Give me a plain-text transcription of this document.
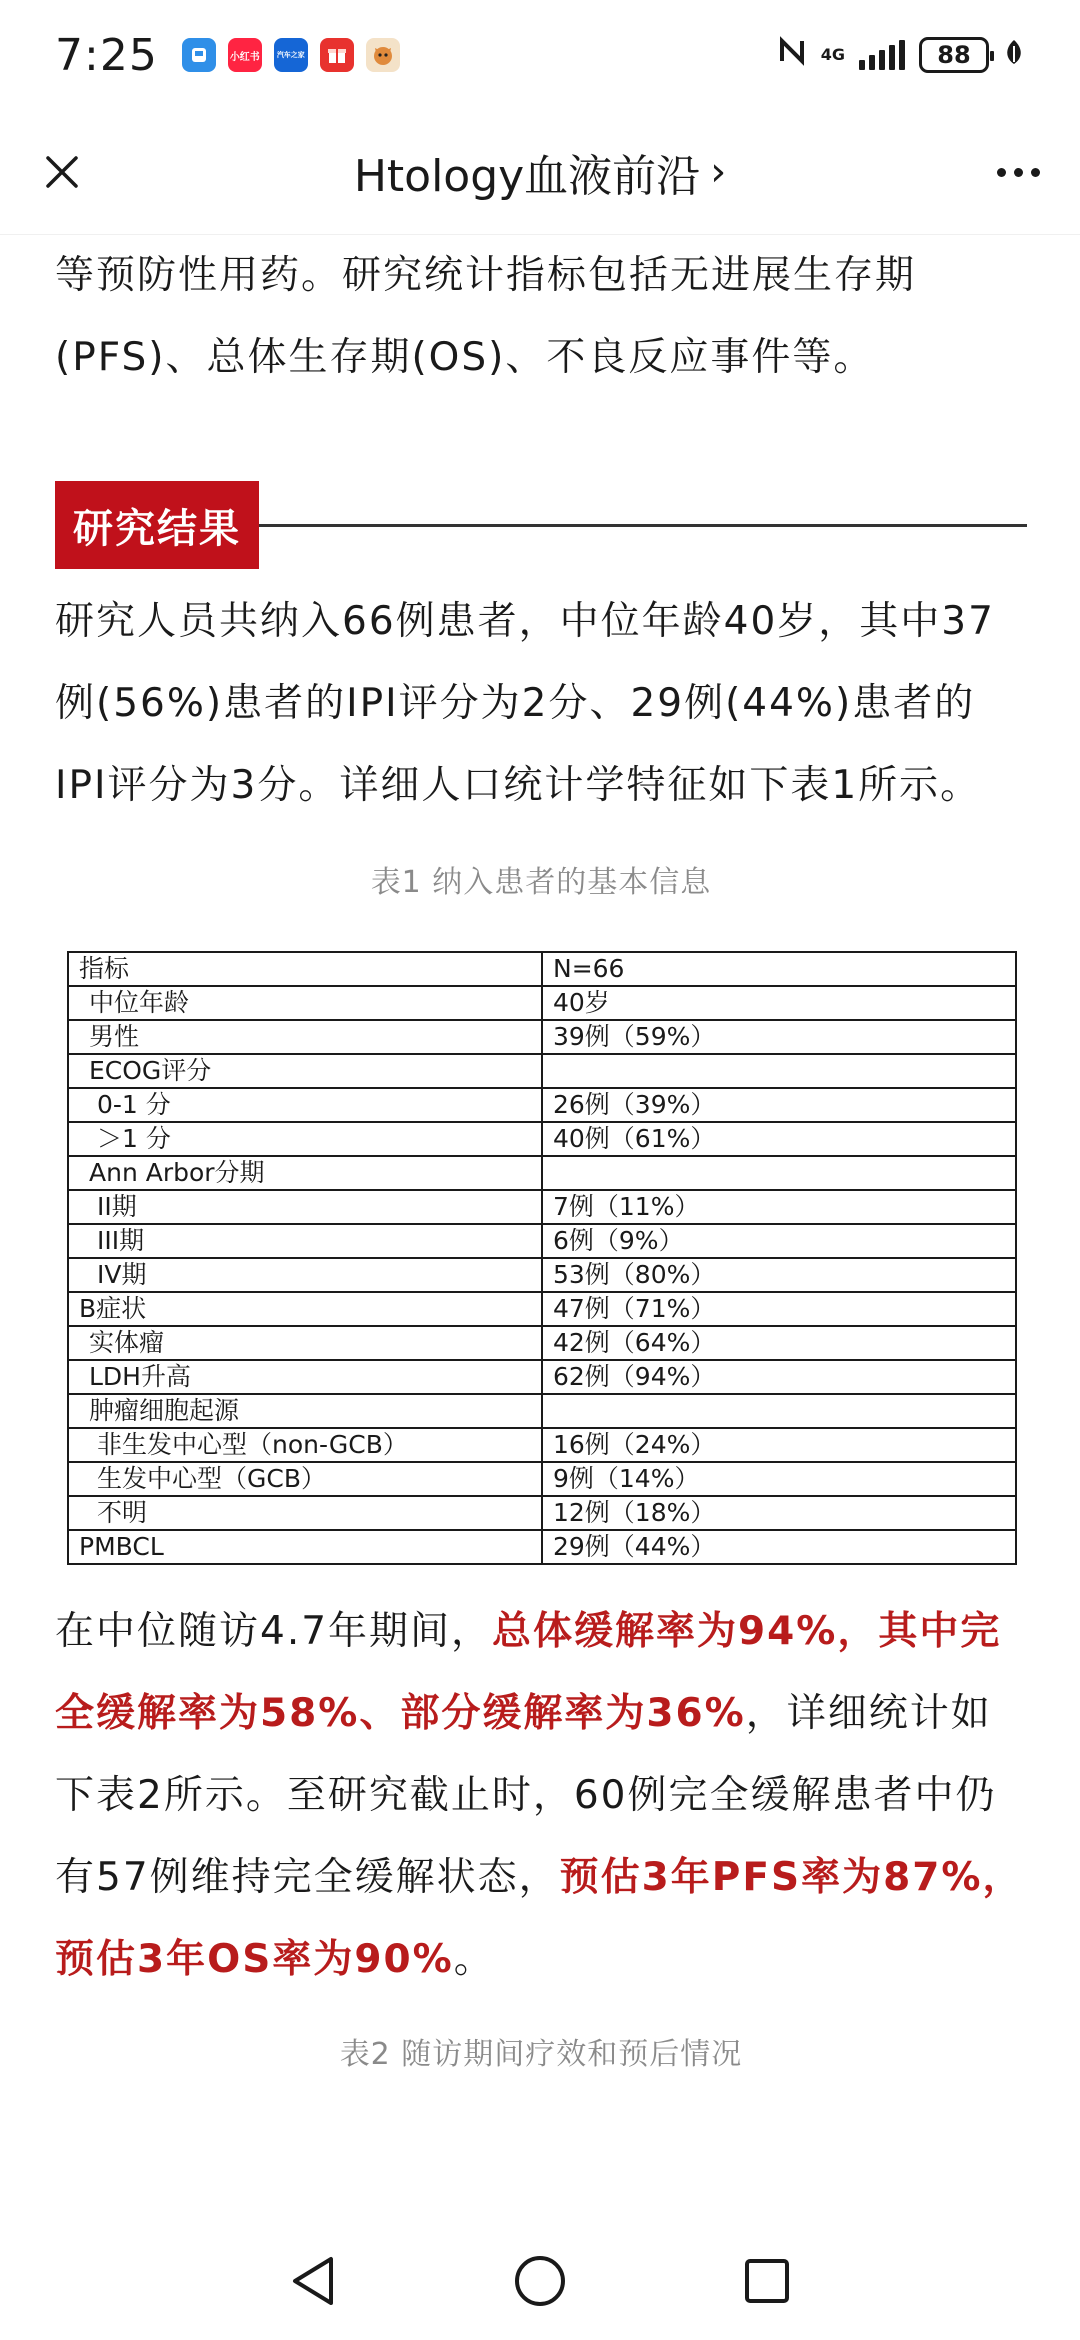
7:25	小红书	汽车之家	4G	88
Htology血液前沿 ›

等预防性用药。研究统计指标包括无进展生存期(PFS)、总体生存期(OS)、不良反应事件等。

研究结果

研究人员共纳入66例患者，中位年龄40岁，其中37例(56%)患者的IPI评分为2分、29例(44%)患者的IPI评分为3分。详细人口统计学特征如下表1所示。

表1 纳入患者的基本信息

指标	N=66
中位年龄	40岁
男性	39例（59%）
ECOG评分	
0-1 分	26例（39%）
＞1 分	40例（61%）
Ann Arbor分期	
II期	7例（11%）
III期	6例（9%）
IV期	53例（80%）
B症状	47例（71%）
实体瘤	42例（64%）
LDH升高	62例（94%）
肿瘤细胞起源	
非生发中心型（non-GCB）	16例（24%）
生发中心型（GCB）	9例（14%）
不明	12例（18%）
PMBCL	29例（44%）

在中位随访4.7年期间，总体缓解率为94%，其中完全缓解率为58%、部分缓解率为36%，详细统计如下表2所示。至研究截止时，60例完全缓解患者中仍有57例维持完全缓解状态，预估3年PFS率为87%，预估3年OS率为90%。

表2 随访期间疗效和预后情况
